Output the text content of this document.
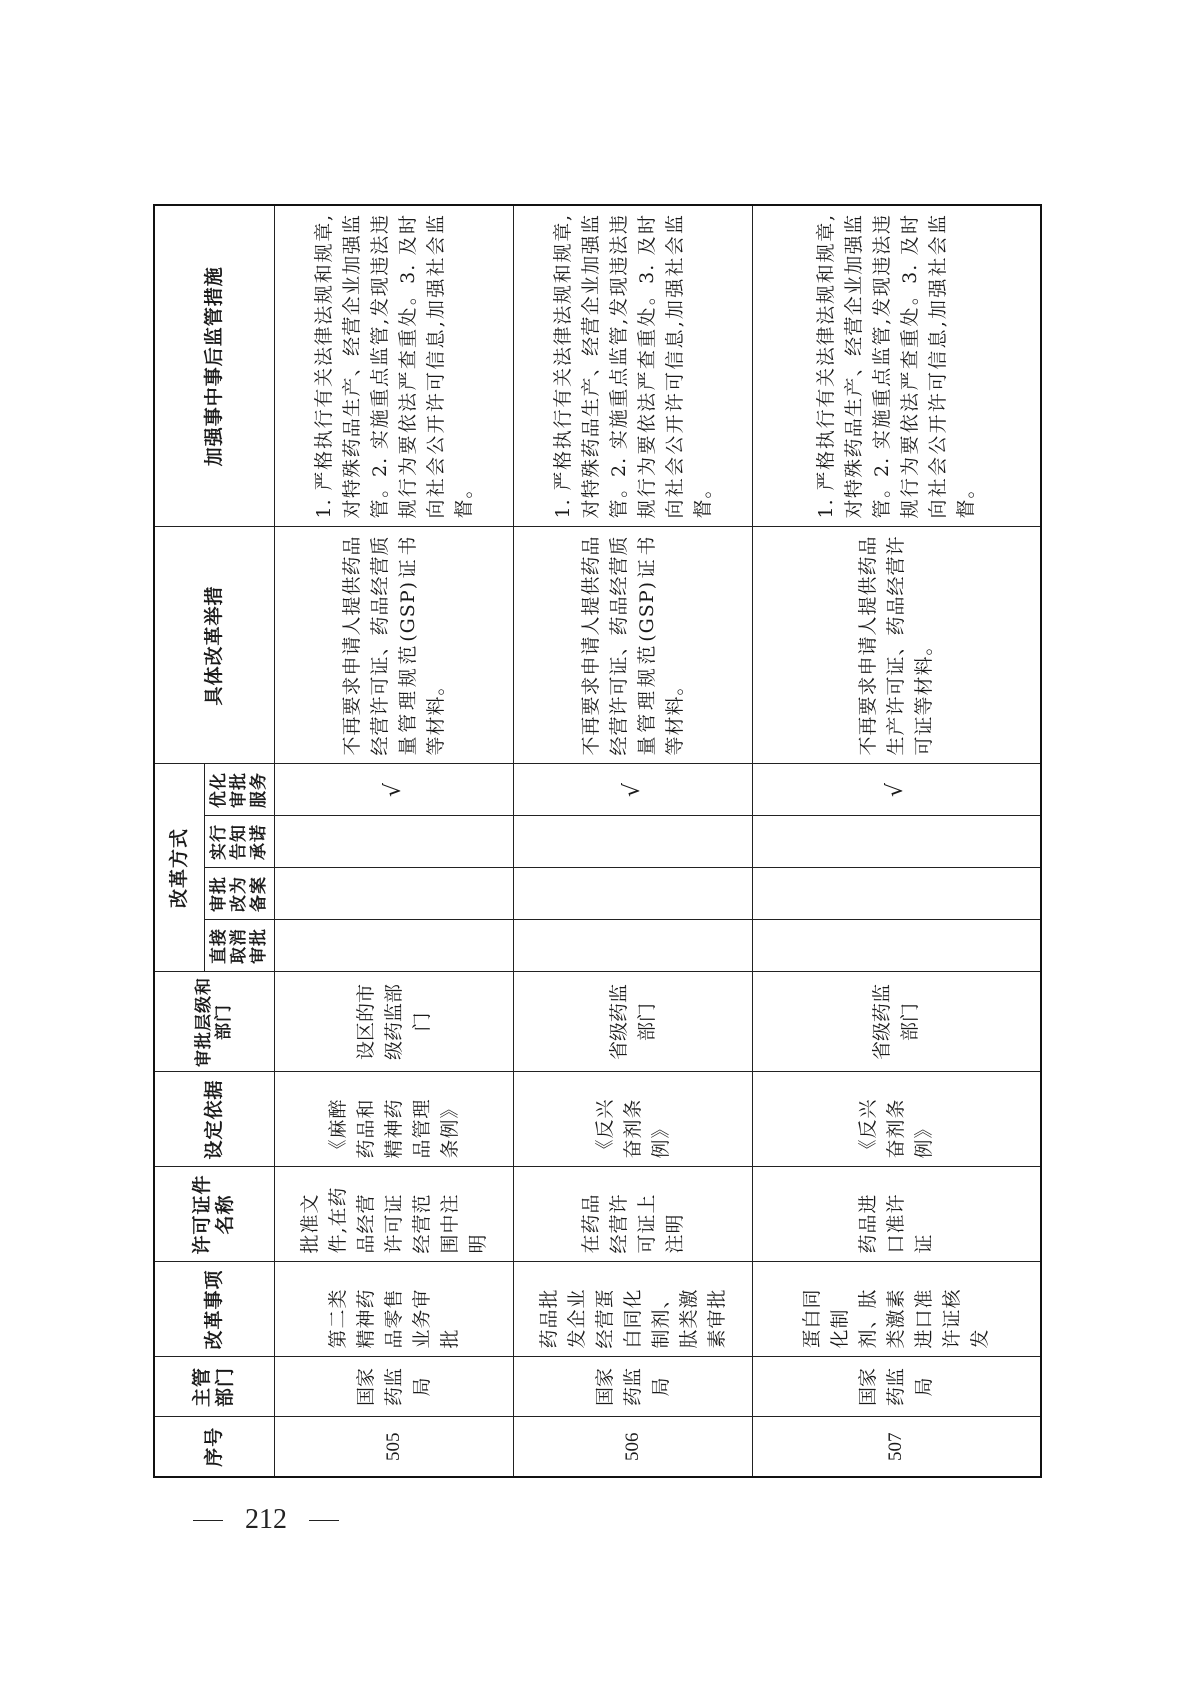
序号	主管部门	改革事项	许可证件名称	设定依据	审批层级和部门	改革方式				具体改革举措	加强事中事后监管措施
						直接取消审批	审批改为备案	实行告知承诺	优化审批服务		
505	国家药监局	第二类精神药品零售业务审批	批准文件,在药品经营许可证经营范围中注明	《麻醉药品和精神药品管理条例》	设区的市级药监部门				√	不再要求申请人提供药品经营许可证、药品经营质量管理规范(GSP)证书等材料。	1. 严格执行有关法律法规和规章,对特殊药品生产、经营企业加强监管。2. 实施重点监管,发现违法违规行为要依法严查重处。3. 及时向社会公开许可信息,加强社会监督。
506	国家药监局	药品批发企业经营蛋白同化制剂、肽类激素审批	在药品经营许可证上注明	《反兴奋剂条例》	省级药监部门				√	不再要求申请人提供药品经营许可证、药品经营质量管理规范(GSP)证书等材料。	1. 严格执行有关法律法规和规章,对特殊药品生产、经营企业加强监管。2. 实施重点监管,发现违法违规行为要依法严查重处。3. 及时向社会公开许可信息,加强社会监督。
507	国家药监局	蛋白同化制剂、肽类激素进口准许证核发	药品进口准许证	《反兴奋剂条例》	省级药监部门				√	不再要求申请人提供药品生产许可证、药品经营许可证等材料。	1. 严格执行有关法律法规和规章,对特殊药品生产、经营企业加强监管。2. 实施重点监管,发现违法违规行为要依法严查重处。3. 及时向社会公开许可信息,加强社会监督。
212
